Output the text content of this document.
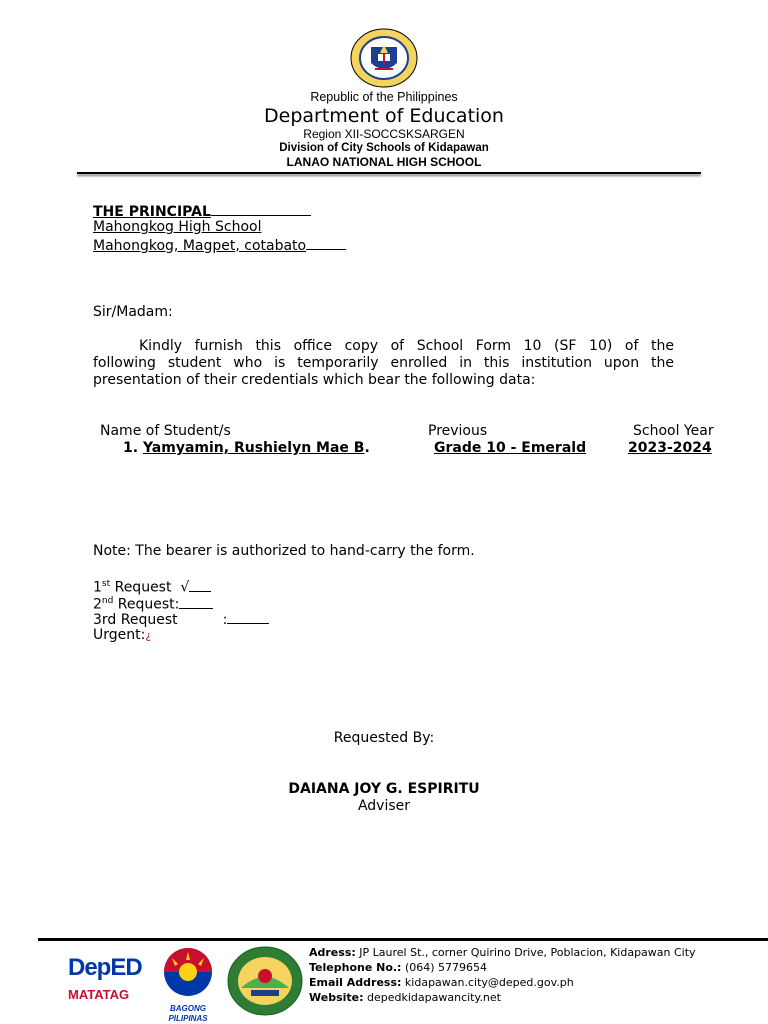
Republic of the Philippines
Department of Education
Region XII-SOCCSKSARGEN
Division of City Schools of Kidapawan
LANAO NATIONAL HIGH SCHOOL
THE PRINCIPAL
Mahongkog High School
Mahongkog, Magpet, cotabato
Sir/Madam:
Kindly furnish this office copy of School Form 10 (SF 10) of the
following student who is temporarily enrolled in this institution upon the
presentation of their credentials which bear the following data:
Name of Student/s	Previous	School Year
1. Yamyamin, Rushielyn Mae B.	Grade 10 - Emerald	2023-2024
Note: The bearer is authorized to hand-carry the form.
1st Request √
2nd Request:
3rd Request	:
Urgent:¿
Requested By:
DAIANA JOY G. ESPIRITU
Adviser
DepED
MATATAG
BAGONG PILIPINAS
Adress: JP Laurel St., corner Quirino Drive, Poblacion, Kidapawan City
Telephone No.: (064) 5779654
Email Address: kidapawan.city@deped.gov.ph
Website: depedkidapawancity.net
